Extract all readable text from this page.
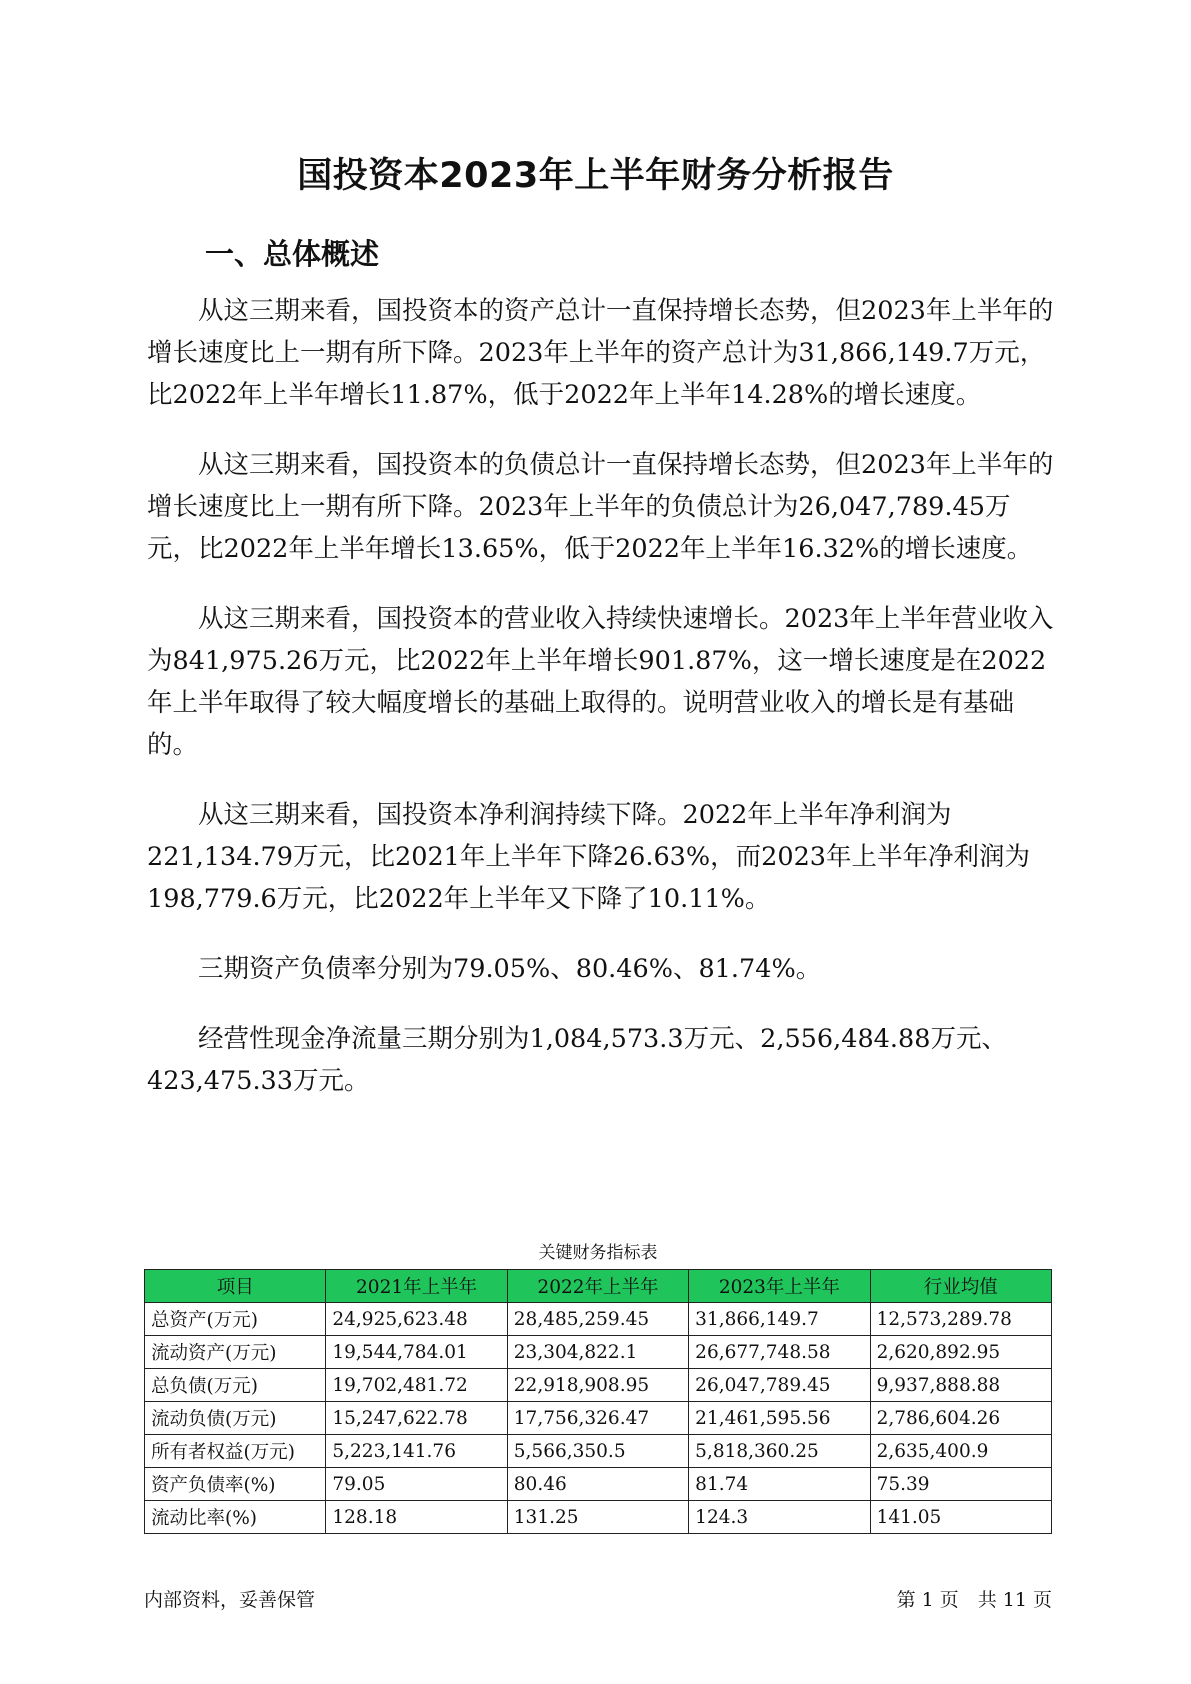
国投资本2023年上半年财务分析报告
一、总体概述

从这三期来看，国投资本的资产总计一直保持增长态势，但2023年上半年的增长速度比上一期有所下降。2023年上半年的资产总计为31,866,149.7万元，比2022年上半年增长11.87%，低于2022年上半年14.28%的增长速度。

从这三期来看，国投资本的负债总计一直保持增长态势，但2023年上半年的增长速度比上一期有所下降。2023年上半年的负债总计为26,047,789.45万元，比2022年上半年增长13.65%，低于2022年上半年16.32%的增长速度。

从这三期来看，国投资本的营业收入持续快速增长。2023年上半年营业收入为841,975.26万元，比2022年上半年增长901.87%，这一增长速度是在2022年上半年取得了较大幅度增长的基础上取得的。说明营业收入的增长是有基础的。

从这三期来看，国投资本净利润持续下降。2022年上半年净利润为221,134.79万元，比2021年上半年下降26.63%，而2023年上半年净利润为198,779.6万元，比2022年上半年又下降了10.11%。

三期资产负债率分别为79.05%、80.46%、81.74%。

经营性现金净流量三期分别为1,084,573.3万元、2,556,484.88万元、423,475.33万元。

关键财务指标表
项目	2021年上半年	2022年上半年	2023年上半年	行业均值
总资产(万元)	24,925,623.48	28,485,259.45	31,866,149.7	12,573,289.78
流动资产(万元)	19,544,784.01	23,304,822.1	26,677,748.58	2,620,892.95
总负债(万元)	19,702,481.72	22,918,908.95	26,047,789.45	9,937,888.88
流动负债(万元)	15,247,622.78	17,756,326.47	21,461,595.56	2,786,604.26
所有者权益(万元)	5,223,141.76	5,566,350.5	5,818,360.25	2,635,400.9
资产负债率(%)	79.05	80.46	81.74	75.39
流动比率(%)	128.18	131.25	124.3	141.05
内部资料，妥善保管	第 1 页　共 11 页
